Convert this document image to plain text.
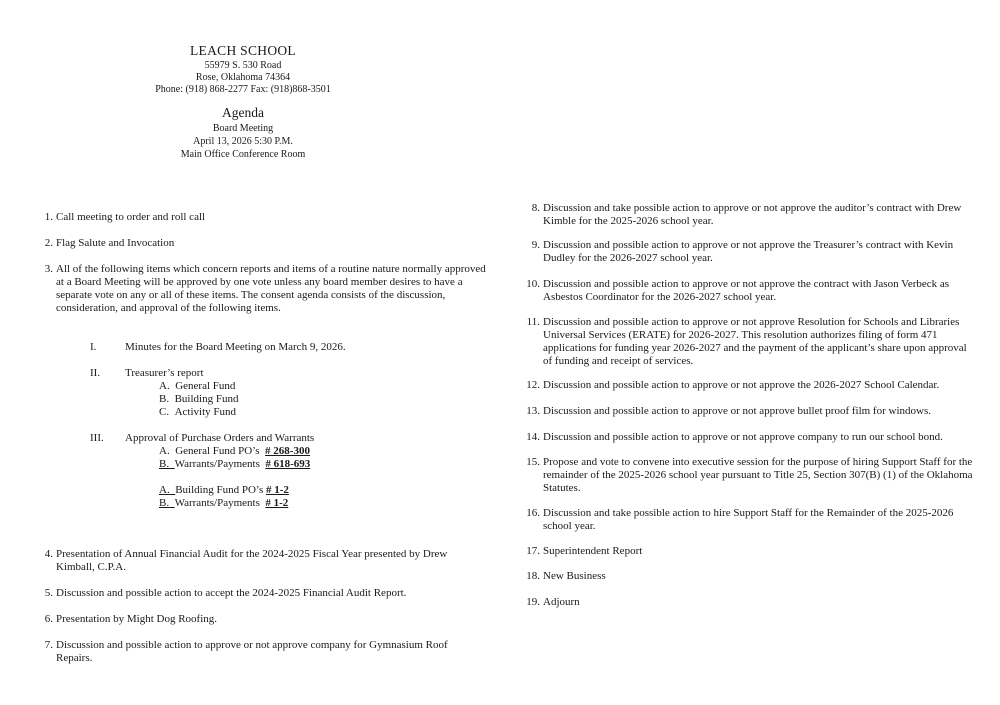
LEACH SCHOOL
55979 S. 530 Road
Rose, Oklahoma 74364
Phone: (918) 868-2277 Fax: (918)868-3501
Agenda
Board Meeting
April 13, 2026 5:30 P.M.
Main Office Conference Room
1. Call meeting to order and roll call
2. Flag Salute and Invocation
3. All of the following items which concern reports and items of a routine nature normally approved at a Board Meeting will be approved by one vote unless any board member desires to have a separate vote on any or all of these items. The consent agenda consists of the discussion, consideration, and approval of the following items.
I.	Minutes for the Board Meeting on March 9, 2026.
II.	Treasurer’s report
A. General Fund
B. Building Fund
C. Activity Fund
III.	Approval of Purchase Orders and Warrants
A. General Fund PO’s # 268-300
B. Warrants/Payments # 618-693
A. Building Fund PO’s # 1-2
B. Warrants/Payments # 1-2
4. Presentation of Annual Financial Audit for the 2024-2025 Fiscal Year presented by Drew Kimball, C.P.A.
5. Discussion and possible action to accept the 2024-2025 Financial Audit Report.
6. Presentation by Might Dog Roofing.
7. Discussion and possible action to approve or not approve company for Gymnasium Roof Repairs.
8. Discussion and take possible action to approve or not approve the auditor’s contract with Drew Kimble for the 2025-2026 school year.
9. Discussion and possible action to approve or not approve the Treasurer’s contract with Kevin Dudley for the 2026-2027 school year.
10. Discussion and possible action to approve or not approve the contract with Jason Verbeck as Asbestos Coordinator for the 2026-2027 school year.
11. Discussion and possible action to approve or not approve Resolution for Schools and Libraries Universal Services (ERATE) for 2026-2027. This resolution authorizes filing of form 471 applications for funding year 2026-2027 and the payment of the applicant’s share upon approval of funding and receipt of services.
12. Discussion and possible action to approve or not approve the 2026-2027 School Calendar.
13. Discussion and possible action to approve or not approve bullet proof film for windows.
14. Discussion and possible action to approve or not approve company to run our school bond.
15. Propose and vote to convene into executive session for the purpose of hiring Support Staff for the remainder of the 2025-2026 school year pursuant to Title 25, Section 307(B) (1) of the Oklahoma Statutes.
16. Discussion and take possible action to hire Support Staff for the Remainder of the 2025-2026 school year.
17. Superintendent Report
18. New Business
19. Adjourn
